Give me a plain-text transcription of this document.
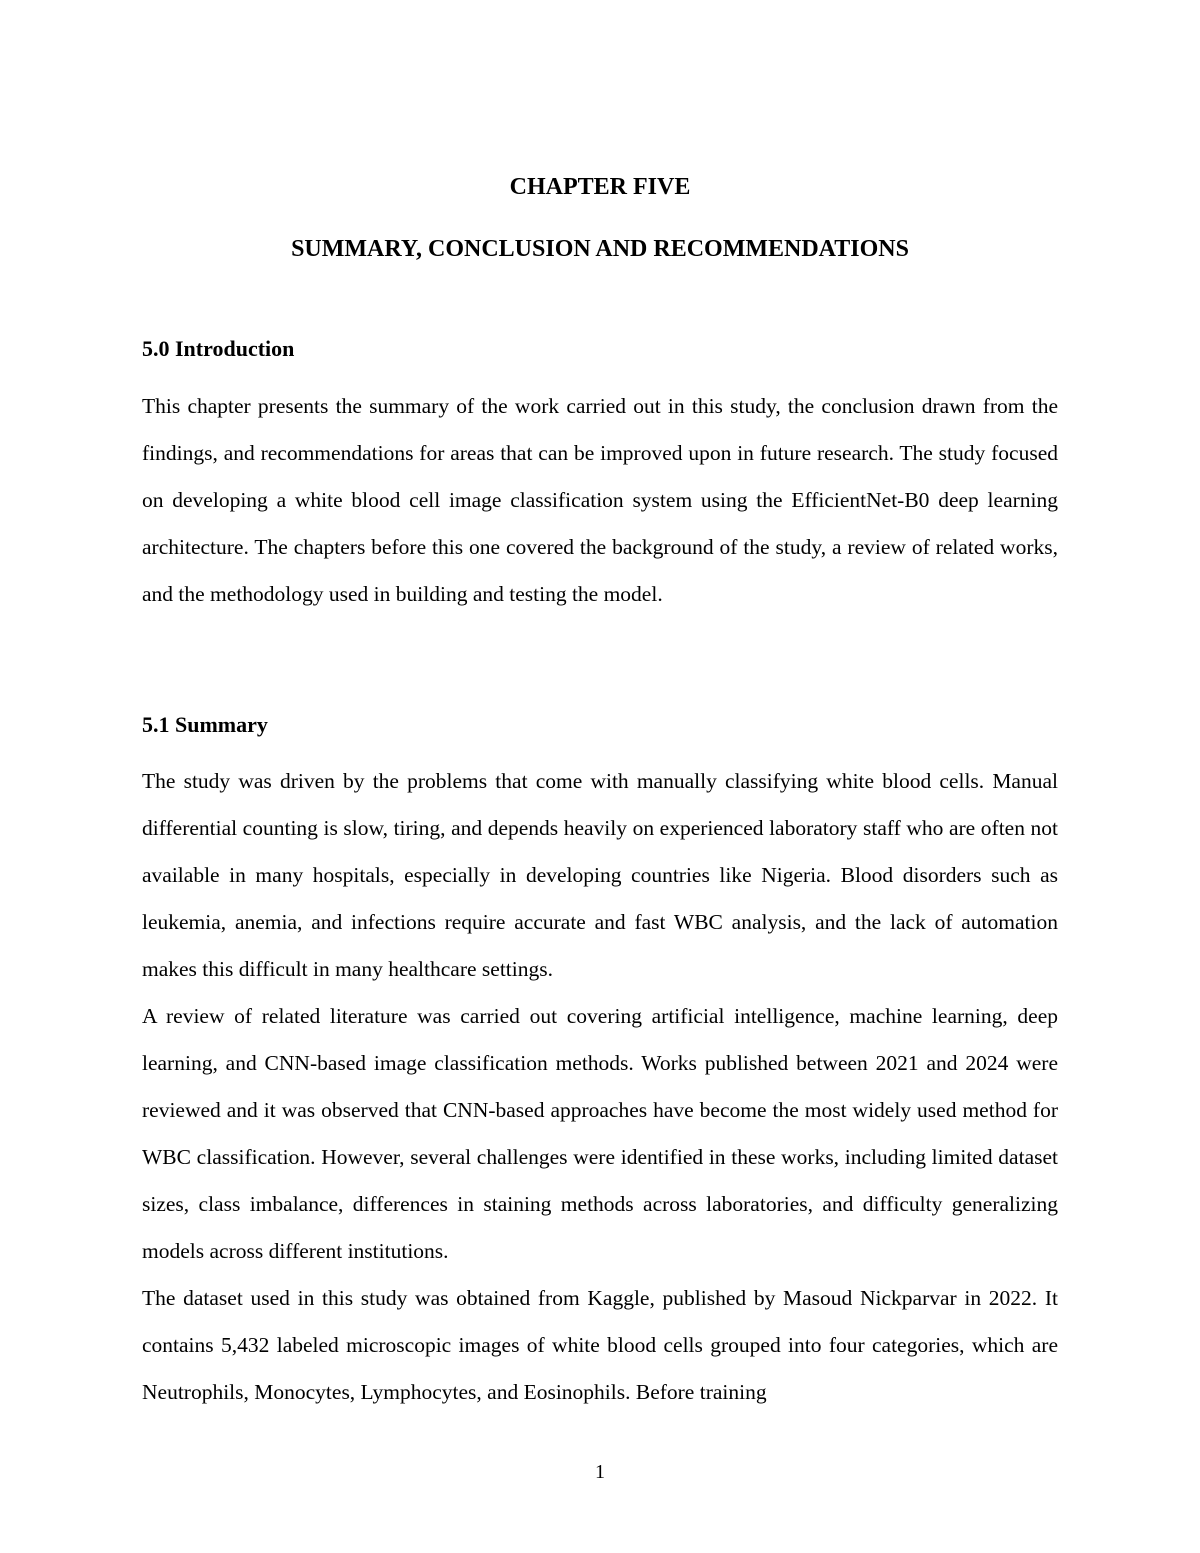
CHAPTER FIVE
SUMMARY, CONCLUSION AND RECOMMENDATIONS
5.0 Introduction

This chapter presents the summary of the work carried out in this study, the conclusion drawn from the findings, and recommendations for areas that can be improved upon in future research. The study focused on developing a white blood cell image classification system using the EfficientNet-B0 deep learning architecture. The chapters before this one covered the background of the study, a review of related works, and the methodology used in building and testing the model.

5.1 Summary

The study was driven by the problems that come with manually classifying white blood cells. Manual differential counting is slow, tiring, and depends heavily on experienced laboratory staff who are often not available in many hospitals, especially in developing countries like Nigeria. Blood disorders such as leukemia, anemia, and infections require accurate and fast WBC analysis, and the lack of automation makes this difficult in many healthcare settings.

A review of related literature was carried out covering artificial intelligence, machine learning, deep learning, and CNN-based image classification methods. Works published between 2021 and 2024 were reviewed and it was observed that CNN-based approaches have become the most widely used method for WBC classification. However, several challenges were identified in these works, including limited dataset sizes, class imbalance, differences in staining methods across laboratories, and difficulty generalizing models across different institutions.

The dataset used in this study was obtained from Kaggle, published by Masoud Nickparvar in 2022. It contains 5,432 labeled microscopic images of white blood cells grouped into four categories, which are Neutrophils, Monocytes, Lymphocytes, and Eosinophils. Before training

1
